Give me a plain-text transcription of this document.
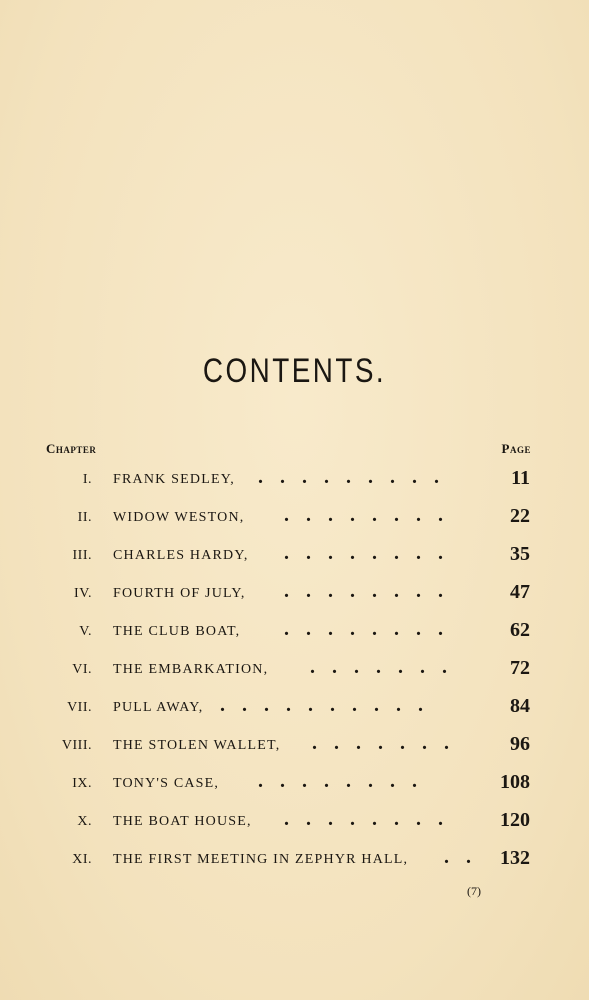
CONTENTS.
Chapter	Page
I. FRANK SEDLEY, . . . . . . . . .	11
II. WIDOW WESTON, . . . . . . . .	22
III. CHARLES HARDY, . . . . . . . .	35
IV. FOURTH OF JULY, . . . . . . . .	47
V. THE CLUB BOAT, . . . . . . . .	62
VI. THE EMBARKATION, . . . . . . .	72
VII. PULL AWAY, . . . . . . . . . .	84
VIII. THE STOLEN WALLET, . . . . . . .	96
IX. TONY'S CASE, . . . . . . . .	108
X. THE BOAT HOUSE, . . . . . . . .	120
XI. THE FIRST MEETING IN ZEPHYR HALL, . . 132
(7)
